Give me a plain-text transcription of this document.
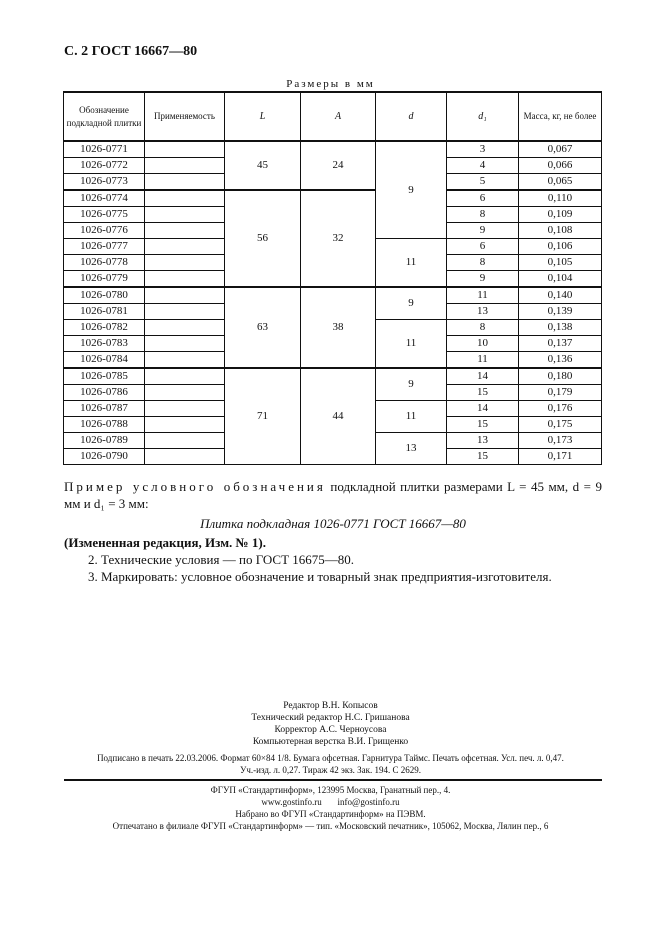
С. 2 ГОСТ 16667—80
Размеры в мм
Обозначение подкладной плитки	Применяемость	L	A	d	d₁	Масса, кг, не более
1026-0771		45	24	9	3	0,067
1026-0772					4	0,066
1026-0773					5	0,065
1026-0774		56	32		6	0,110
1026-0775					8	0,109
1026-0776					9	0,108
1026-0777				11	6	0,106
1026-0778					8	0,105
1026-0779					9	0,104
1026-0780		63	38	9	11	0,140
1026-0781					13	0,139
1026-0782				11	8	0,138
1026-0783					10	0,137
1026-0784					11	0,136
1026-0785		71	44	9	14	0,180
1026-0786					15	0,179
1026-0787				11	14	0,176
1026-0788					15	0,175
1026-0789				13	13	0,173
1026-0790					15	0,171
Пример условного обозначения подкладной плитки размерами L = 45 мм, d = 9 мм и d₁ = 3 мм:
Плитка подкладная 1026-0771 ГОСТ 16667—80
(Измененная редакция, Изм. № 1).
2. Технические условия — по ГОСТ 16675—80.
3. Маркировать: условное обозначение и товарный знак предприятия-изготовителя.
Редактор В.Н. Копысов
Технический редактор Н.С. Гришанова
Корректор А.С. Черноусова
Компьютерная верстка В.И. Грищенко
Подписано в печать 22.03.2006. Формат 60×84 1/8. Бумага офсетная. Гарнитура Таймс. Печать офсетная. Усл. печ. л. 0,47.
Уч.-изд. л. 0,27. Тираж 42 экз. Зак. 194. С 2629.
ФГУП «Стандартинформ», 123995 Москва, Гранатный пер., 4.
www.gostinfo.ru       info@gostinfo.ru
Набрано во ФГУП «Стандартинформ» на ПЭВМ.
Отпечатано в филиале ФГУП «Стандартинформ» — тип. «Московский печатник», 105062, Москва, Лялин пер., 6
